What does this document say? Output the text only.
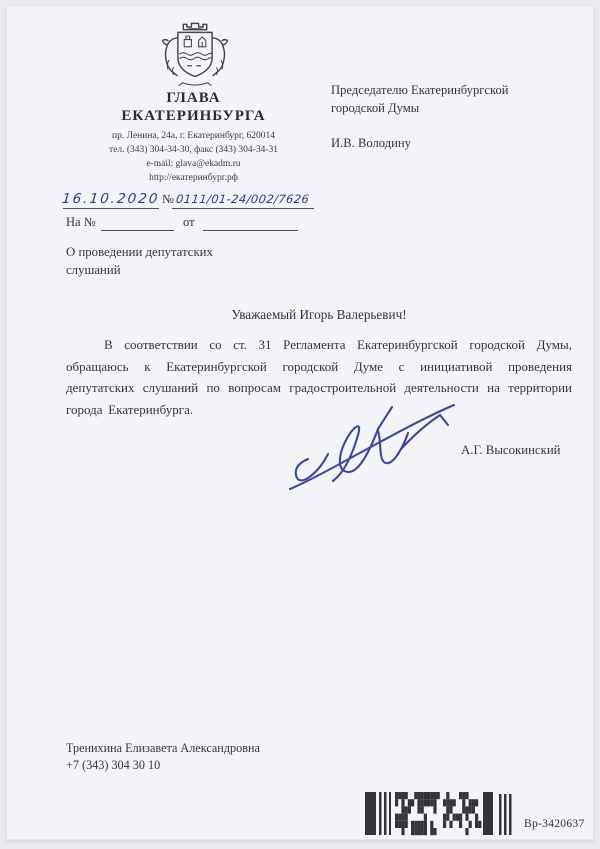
ГЛАВА
ЕКАТЕРИНБУРГА
пр. Ленина, 24а, г. Екатеринбург, 620014
тел. (343) 304-34-30, факс (343) 304-34-31
e-mail: glava@ekadm.ru
http://екатеринбург.рф
Председателю Екатеринбургской
городской Думы
И.В. Володину
16.10.2020 № 0111/01-24/002/7626
На №	от
О проведении депутатских
слушаний
Уважаемый Игорь Валерьевич!
В соответствии со ст. 31 Регламента Екатеринбургской городской Думы, обращаюсь к Екатеринбургской городской Думе с инициативой проведения депутатских слушаний по вопросам градостроительной деятельности на территории города Екатеринбурга.
А.Г. Высокинский
Тренихина Елизавета Александровна
+7 (343) 304 30 10
Вр-3420637
